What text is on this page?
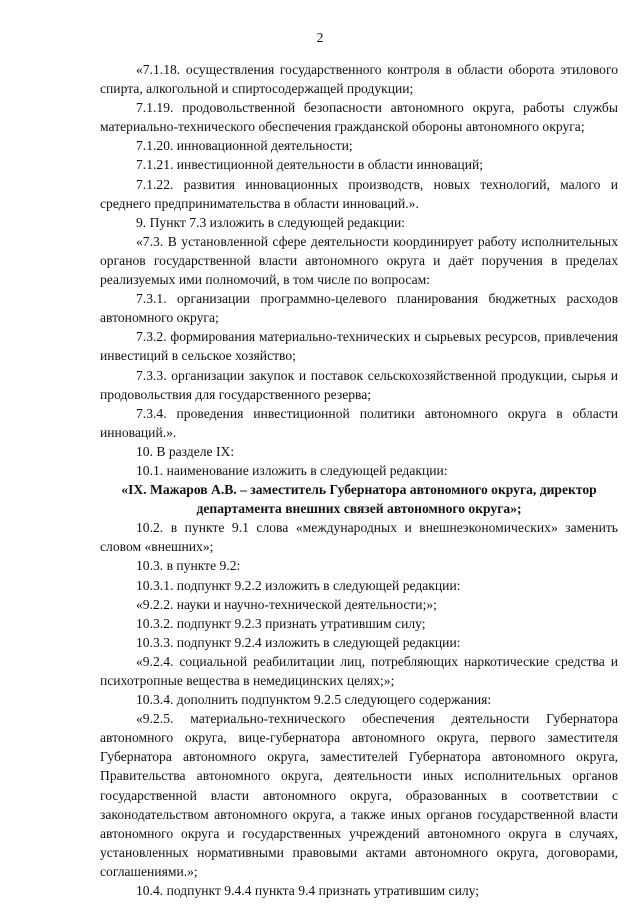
2

«7.1.18. осуществления государственного контроля в области оборота этилового спирта, алкогольной и спиртосодержащей продукции;

7.1.19. продовольственной безопасности автономного округа, работы службы материально-технического обеспечения гражданской обороны автономного округа;

7.1.20. инновационной деятельности;

7.1.21. инвестиционной деятельности в области инноваций;

7.1.22. развития инновационных производств, новых технологий, малого и среднего предпринимательства в области инноваций.».

9. Пункт 7.3 изложить в следующей редакции:

«7.3. В установленной сфере деятельности координирует работу исполнительных органов государственной власти автономного округа и даёт поручения в пределах реализуемых ими полномочий, в том числе по вопросам:

7.3.1. организации программно-целевого планирования бюджетных расходов автономного округа;

7.3.2. формирования материально-технических и сырьевых ресурсов, привлечения инвестиций в сельское хозяйство;

7.3.3. организации закупок и поставок сельскохозяйственной продукции, сырья и продовольствия для государственного резерва;

7.3.4. проведения инвестиционной политики автономного округа в области инноваций.».

10. В разделе IX:

10.1. наименование изложить в следующей редакции:

«IX. Мажаров А.В. – заместитель Губернатора автономного округа, директор департамента внешних связей автономного округа»;

10.2. в пункте 9.1 слова «международных и внешнеэкономических» заменить словом «внешних»;

10.3. в пункте 9.2:

10.3.1. подпункт 9.2.2 изложить в следующей редакции:

«9.2.2. науки и научно-технической деятельности;»;

10.3.2. подпункт 9.2.3 признать утратившим силу;

10.3.3. подпункт 9.2.4 изложить в следующей редакции:

«9.2.4. социальной реабилитации лиц, потребляющих наркотические средства и психотропные вещества в немедицинских целях;»;

10.3.4. дополнить подпунктом 9.2.5 следующего содержания:

«9.2.5. материально-технического обеспечения деятельности Губернатора автономного округа, вице-губернатора автономного округа, первого заместителя Губернатора автономного округа, заместителей Губернатора автономного округа, Правительства автономного округа, деятельности иных исполнительных органов государственной власти автономного округа, образованных в соответствии с законодательством автономного округа, а также иных органов государственной власти автономного округа и государственных учреждений автономного округа в случаях, установленных нормативными правовыми актами автономного округа, договорами, соглашениями.»;

10.4. подпункт 9.4.4 пункта 9.4 признать утратившим силу;
